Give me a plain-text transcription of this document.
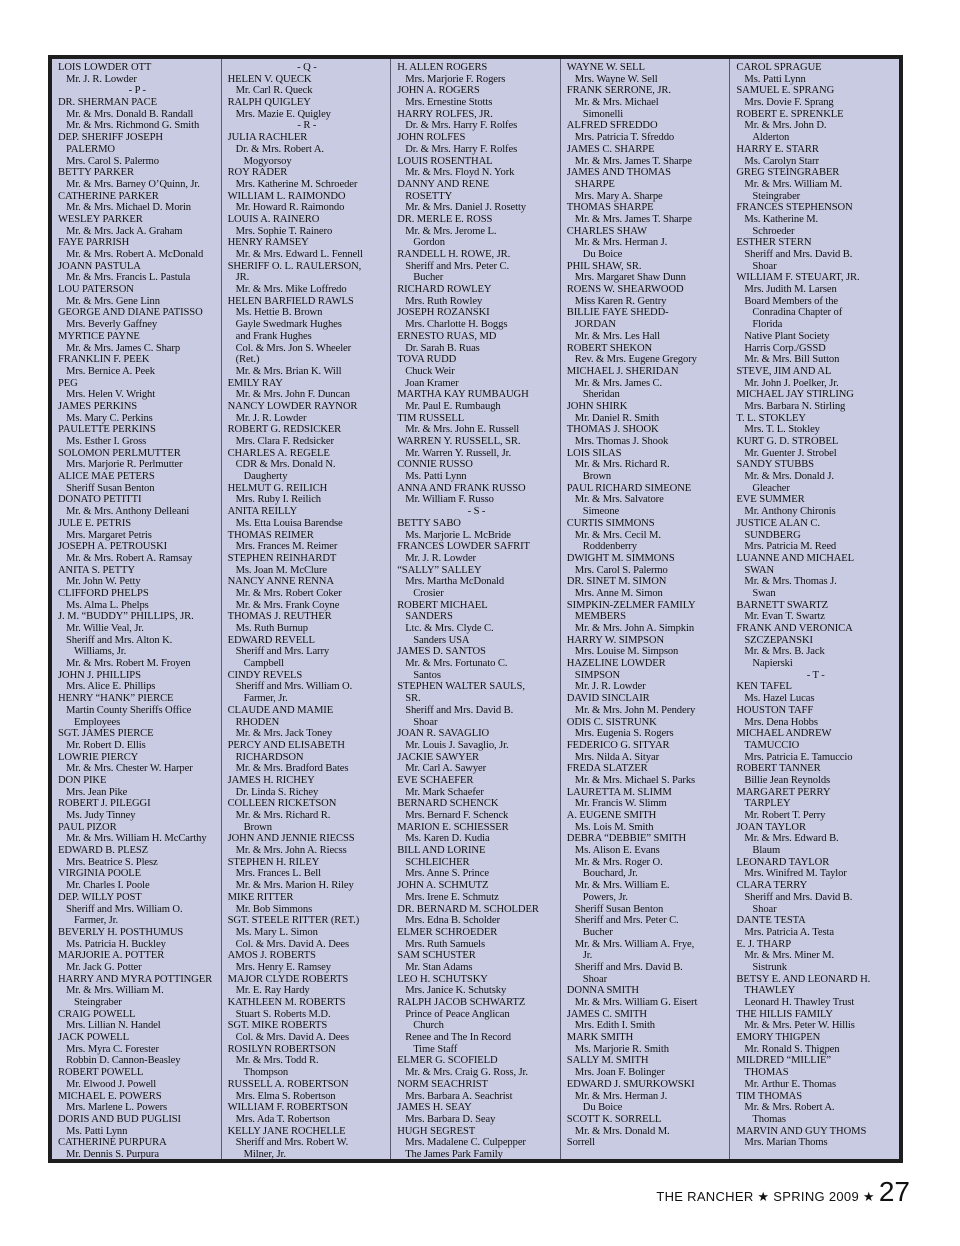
LOIS LOWDER OTT
Mr. J. R. Lowder
- P -
DR. SHERMAN PACE
Mr. & Mrs. Donald B. Randall
Mr. & Mrs. Richmond G. Smith
DEP. SHERIFF JOSEPH
PALERMO
Mrs. Carol S. Palermo
BETTY PARKER
Mr. & Mrs. Barney O’Quinn, Jr.
CATHERINE PARKER
Mr. & Mrs. Michael D. Morin
WESLEY PARKER
Mr. & Mrs. Jack A. Graham
FAYE PARRISH
Mr. & Mrs. Robert A. McDonald
JOANN PASTULA
Mr. & Mrs. Francis L. Pastula
LOU PATERSON
Mr. & Mrs. Gene Linn
GEORGE AND DIANE PATISSO
Mrs. Beverly Gaffney
MYRTICE PAYNE
Mr. & Mrs. James C. Sharp
FRANKLIN F. PEEK
Mrs. Bernice A. Peek
PEG
Mrs. Helen V. Wright
JAMES PERKINS
Ms. Mary C. Perkins
PAULETTE PERKINS
Ms. Esther I. Gross
SOLOMON PERLMUTTER
Mrs. Marjorie R. Perlmutter
ALICE MAE PETERS
Sheriff Susan Benton
DONATO PETITTI
Mr. & Mrs. Anthony Delleani
JULE E. PETRIS
Mrs. Margaret Petris
JOSEPH A. PETROUSKI
Mr. & Mrs. Robert A. Ramsay
ANITA S. PETTY
Mr. John W. Petty
CLIFFORD PHELPS
Ms. Alma L. Phelps
J. M. “BUDDY” PHILLIPS, JR.
Mr. Willie Veal, Jr.
Sheriff and Mrs. Alton K.
Williams, Jr.
Mr. & Mrs. Robert M. Froyen
JOHN J. PHILLIPS
Mrs. Alice E. Phillips
HENRY “HANK” PIERCE
Martin County Sheriffs Office
Employees
SGT. JAMES PIERCE
Mr. Robert D. Ellis
LOWRIE PIERCY
Mr. & Mrs. Chester W. Harper
DON PIKE
Mrs. Jean Pike
ROBERT J. PILEGGI
Ms. Judy Tinney
PAUL PIZOR
Mr. & Mrs. William H. McCarthy
EDWARD B. PLESZ
Mrs. Beatrice S. Plesz
VIRGINIA POOLE
Mr. Charles I. Poole
DEP. WILLY POST
Sheriff and Mrs. William O.
Farmer, Jr.
BEVERLY H. POSTHUMUS
Ms. Patricia H. Buckley
MARJORIE A. POTTER
Mr. Jack G. Potter
HARRY AND MYRA POTTINGER
Mr. & Mrs. William M.
Steingraber
CRAIG POWELL
Mrs. Lillian N. Handel
JACK POWELL
Mrs. Myra C. Forester
Robbin D. Cannon-Beasley
ROBERT POWELL
Mr. Elwood J. Powell
MICHAEL E. POWERS
Mrs. Marlene L. Powers
DORIS AND BUD PUGLISI
Ms. Patti Lynn
CATHERINE PURPURA
Mr. Dennis S. Purpura
- Q -
HELEN V. QUECK
Mr. Carl R. Queck
RALPH QUIGLEY
Mrs. Mazie E. Quigley
- R -
JULIA RACHLER
Dr. & Mrs. Robert A.
Mogyorsoy
ROY RADER
Mrs. Katherine M. Schroeder
WILLIAM L. RAIMONDO
Mr. Howard R. Raimondo
LOUIS A. RAINERO
Mrs. Sophie T. Rainero
HENRY RAMSEY
Mr. & Mrs. Edward L. Fennell
SHERIFF O. L. RAULERSON,
JR.
Mr. & Mrs. Mike Loffredo
HELEN BARFIELD RAWLS
Ms. Hettie B. Brown
Gayle Swedmark Hughes
and Frank Hughes
Col. & Mrs. Jon S. Wheeler
(Ret.)
Mr. & Mrs. Brian K. Will
EMILY RAY
Mr. & Mrs. John F. Duncan
NANCY LOWDER RAYNOR
Mr. J. R. Lowder
ROBERT G. REDSICKER
Mrs. Clara F. Redsicker
CHARLES A. REGELE
CDR & Mrs. Donald N.
Daugherty
HELMUT G. REILICH
Mrs. Ruby I. Reilich
ANITA REILLY
Ms. Etta Louisa Barendse
THOMAS REIMER
Mrs. Frances M. Reimer
STEPHEN REINHARDT
Ms. Joan M. McClure
NANCY ANNE RENNA
Mr. & Mrs. Robert Coker
Mr. & Mrs. Frank Coyne
THOMAS J. REUTHER
Ms. Ruth Burnup
EDWARD REVELL
Sheriff and Mrs. Larry
Campbell
CINDY REVELS
Sheriff and Mrs. William O.
Farmer, Jr.
CLAUDE AND MAMIE
RHODEN
Mr. & Mrs. Jack Toney
PERCY AND ELISABETH
RICHARDSON
Mr. & Mrs. Bradford Bates
JAMES H. RICHEY
Dr. Linda S. Richey
COLLEEN RICKETSON
Mr. & Mrs. Richard R.
Brown
JOHN AND JENNIE RIECSS
Mr. & Mrs. John A. Riecss
STEPHEN H. RILEY
Mrs. Frances L. Bell
Mr. & Mrs. Marion H. Riley
MIKE RITTER
Mr. Bob Simmons
SGT. STEELE RITTER (RET.)
Ms. Mary L. Simon
Col. & Mrs. David A. Dees
AMOS J. ROBERTS
Mrs. Henry E. Ramsey
MAJOR CLYDE ROBERTS
Mr. E. Ray Hardy
KATHLEEN M. ROBERTS
Stuart S. Roberts M.D.
SGT. MIKE ROBERTS
Col. & Mrs. David A. Dees
ROSILYN ROBERTSON
Mr. & Mrs. Todd R.
Thompson
RUSSELL A. ROBERTSON
Mrs. Elma S. Robertson
WILLIAM F. ROBERTSON
Mrs. Ada T. Robertson
KELLY JANE ROCHELLE
Sheriff and Mrs. Robert W.
Milner, Jr.
H. ALLEN ROGERS
Mrs. Marjorie F. Rogers
JOHN A. ROGERS
Mrs. Ernestine Stotts
HARRY ROLFES, JR.
Dr. & Mrs. Harry F. Rolfes
JOHN ROLFES
Dr. & Mrs. Harry F. Rolfes
LOUIS ROSENTHAL
Mr. & Mrs. Floyd N. York
DANNY AND RENE
ROSETTY
Mr. & Mrs. Daniel J. Rosetty
DR. MERLE E. ROSS
Mr. & Mrs. Jerome L.
Gordon
RANDELL H. ROWE, JR.
Sheriff and Mrs. Peter C.
Bucher
RICHARD ROWLEY
Mrs. Ruth Rowley
JOSEPH ROZANSKI
Mrs. Charlotte H. Boggs
ERNESTO RUAS, MD
Dr. Sarah B. Ruas
TOVA RUDD
Chuck Weir
Joan Kramer
MARTHA KAY RUMBAUGH
Mr. Paul E. Rumbaugh
TIM RUSSELL
Mr. & Mrs. John E. Russell
WARREN Y. RUSSELL, SR.
Mr. Warren Y. Russell, Jr.
CONNIE RUSSO
Ms. Patti Lynn
ANNA AND FRANK RUSSO
Mr. William F. Russo
- S -
BETTY SABO
Ms. Marjorie L. McBride
FRANCES LOWDER SAFRIT
Mr. J. R. Lowder
“SALLY” SALLEY
Mrs. Martha McDonald
Crosier
ROBERT MICHAEL
SANDERS
Ltc. & Mrs. Clyde C.
Sanders USA
JAMES D. SANTOS
Mr. & Mrs. Fortunato C.
Santos
STEPHEN WALTER SAULS,
SR.
Sheriff and Mrs. David B.
Shoar
JOAN R. SAVAGLIO
Mr. Louis J. Savaglio, Jr.
JACKIE SAWYER
Mr. Carl A. Sawyer
EVE SCHAEFER
Mr. Mark Schaefer
BERNARD SCHENCK
Mrs. Bernard F. Schenck
MARION E. SCHIESSER
Ms. Karen D. Kudia
BILL AND LORINE
SCHLEICHER
Mrs. Anne S. Prince
JOHN A. SCHMUTZ
Mrs. Irene E. Schmutz
DR. BERNARD M. SCHOLDER
Mrs. Edna B. Scholder
ELMER SCHROEDER
Mrs. Ruth Samuels
SAM SCHUSTER
Mr. Stan Adams
LEO H. SCHUTSKY
Mrs. Janice K. Schutsky
RALPH JACOB SCHWARTZ
Prince of Peace Anglican
Church
Renee and The In Record
Time Staff
ELMER G. SCOFIELD
Mr. & Mrs. Craig G. Ross, Jr.
NORM SEACHRIST
Mrs. Barbara A. Seachrist
JAMES H. SEAY
Mrs. Barbara D. Seay
HUGH SEGREST
Mrs. Madalene C. Culpepper
The James Park Family
WAYNE W. SELL
Mrs. Wayne W. Sell
FRANK SERRONE, JR.
Mr. & Mrs. Michael
Simonelli
ALFRED SFREDDO
Mrs. Patricia T. Sfreddo
JAMES C. SHARPE
Mr. & Mrs. James T. Sharpe
JAMES AND THOMAS
SHARPE
Mrs. Mary A. Sharpe
THOMAS SHARPE
Mr. & Mrs. James T. Sharpe
CHARLES SHAW
Mr. & Mrs. Herman J.
Du Boice
PHIL SHAW, SR.
Mrs. Margaret Shaw Dunn
ROENS W. SHEARWOOD
Miss Karen R. Gentry
BILLIE FAYE SHEDD-
JORDAN
Mr. & Mrs. Les Hall
ROBERT SHEKON
Rev. & Mrs. Eugene Gregory
MICHAEL J. SHERIDAN
Mr. & Mrs. James C.
Sheridan
JOHN SHIRK
Mr. Daniel R. Smith
THOMAS J. SHOOK
Mrs. Thomas J. Shook
LOIS SILAS
Mr. & Mrs. Richard R.
Brown
PAUL RICHARD SIMEONE
Mr. & Mrs. Salvatore
Simeone
CURTIS SIMMONS
Mr. & Mrs. Cecil M.
Roddenberry
DWIGHT M. SIMMONS
Mrs. Carol S. Palermo
DR. SINET M. SIMON
Mrs. Anne M. Simon
SIMPKIN-ZELMER FAMILY
MEMBERS
Mr. & Mrs. John A. Simpkin
HARRY W. SIMPSON
Mrs. Louise M. Simpson
HAZELINE LOWDER
SIMPSON
Mr. J. R. Lowder
DAVID SINCLAIR
Mr. & Mrs. John M. Pendery
ODIS C. SISTRUNK
Mrs. Eugenia S. Rogers
FEDERICO G. SITYAR
Mrs. Nilda A. Sityar
FREDA SLATZER
Mr. & Mrs. Michael S. Parks
LAURETTA M. SLIMM
Mr. Francis W. Slimm
A. EUGENE SMITH
Ms. Lois M. Smith
DEBRA “DEBBIE” SMITH
Ms. Alison E. Evans
Mr. & Mrs. Roger O.
Bouchard, Jr.
Mr. & Mrs. William E.
Powers, Jr.
Sheriff Susan Benton
Sheriff and Mrs. Peter C.
Bucher
Mr. & Mrs. William A. Frye,
Jr.
Sheriff and Mrs. David B.
Shoar
DONNA SMITH
Mr. & Mrs. William G. Eisert
JAMES C. SMITH
Mrs. Edith I. Smith
MARK SMITH
Ms. Marjorie R. Smith
SALLY M. SMITH
Mrs. Joan F. Bolinger
EDWARD J. SMURKOWSKI
Mr. & Mrs. Herman J.
Du Boice
SCOTT K. SORRELL
Mr. & Mrs. Donald M.
Sorrell
CAROL SPRAGUE
Ms. Patti Lynn
SAMUEL E. SPRANG
Mrs. Dovie F. Sprang
ROBERT E. SPRENKLE
Mr. & Mrs. John D.
Alderton
HARRY E. STARR
Ms. Carolyn Starr
GREG STEINGRABER
Mr. & Mrs. William M.
Steingraber
FRANCES STEPHENSON
Ms. Katherine M.
Schroeder
ESTHER STERN
Sheriff and Mrs. David B.
Shoar
WILLIAM F. STEUART, JR.
Mrs. Judith M. Larsen
Board Members of the
Conradina Chapter of
Florida
Native Plant Society
Harris Corp./GSSD
Mr. & Mrs. Bill Sutton
STEVE, JIM AND AL
Mr. John J. Poelker, Jr.
MICHAEL JAY STIRLING
Mrs. Barbara N. Stirling
T. L. STOKLEY
Mrs. T. L. Stokley
KURT G. D. STROBEL
Mr. Guenter J. Strobel
SANDY STUBBS
Mr. & Mrs. Donald J.
Gleacher
EVE SUMMER
Mr. Anthony Chironis
JUSTICE ALAN C.
SUNDBERG
Mrs. Patricia M. Reed
LUANNE AND MICHAEL
SWAN
Mr. & Mrs. Thomas J.
Swan
BARNETT SWARTZ
Mr. Evan T. Swartz
FRANK AND VERONICA
SZCZEPANSKI
Mr. & Mrs. B. Jack
Napierski
- T -
KEN TAFEL
Ms. Hazel Lucas
HOUSTON TAFF
Mrs. Dena Hobbs
MICHAEL ANDREW
TAMUCCIO
Mrs. Patricia E. Tamuccio
ROBERT TANNER
Billie Jean Reynolds
MARGARET PERRY
TARPLEY
Mr. Robert T. Perry
JOAN TAYLOR
Mr. & Mrs. Edward B.
Blaum
LEONARD TAYLOR
Mrs. Winifred M. Taylor
CLARA TERRY
Sheriff and Mrs. David B.
Shoar
DANTE TESTA
Mrs. Patricia A. Testa
E. J. THARP
Mr. & Mrs. Miner M.
Sistrunk
BETSY E. AND LEONARD H.
THAWLEY
Leonard H. Thawley Trust
THE HILLIS FAMILY
Mr. & Mrs. Peter W. Hillis
EMORY THIGPEN
Mr. Ronald S. Thigpen
MILDRED “MILLIE”
THOMAS
Mr. Arthur E. Thomas
TIM THOMAS
Mr. & Mrs. Robert A.
Thomas
MARVIN AND GUY THOMS
Mrs. Marian Thoms
THE RANCHER ★ SPRING 2009 ★ 27
